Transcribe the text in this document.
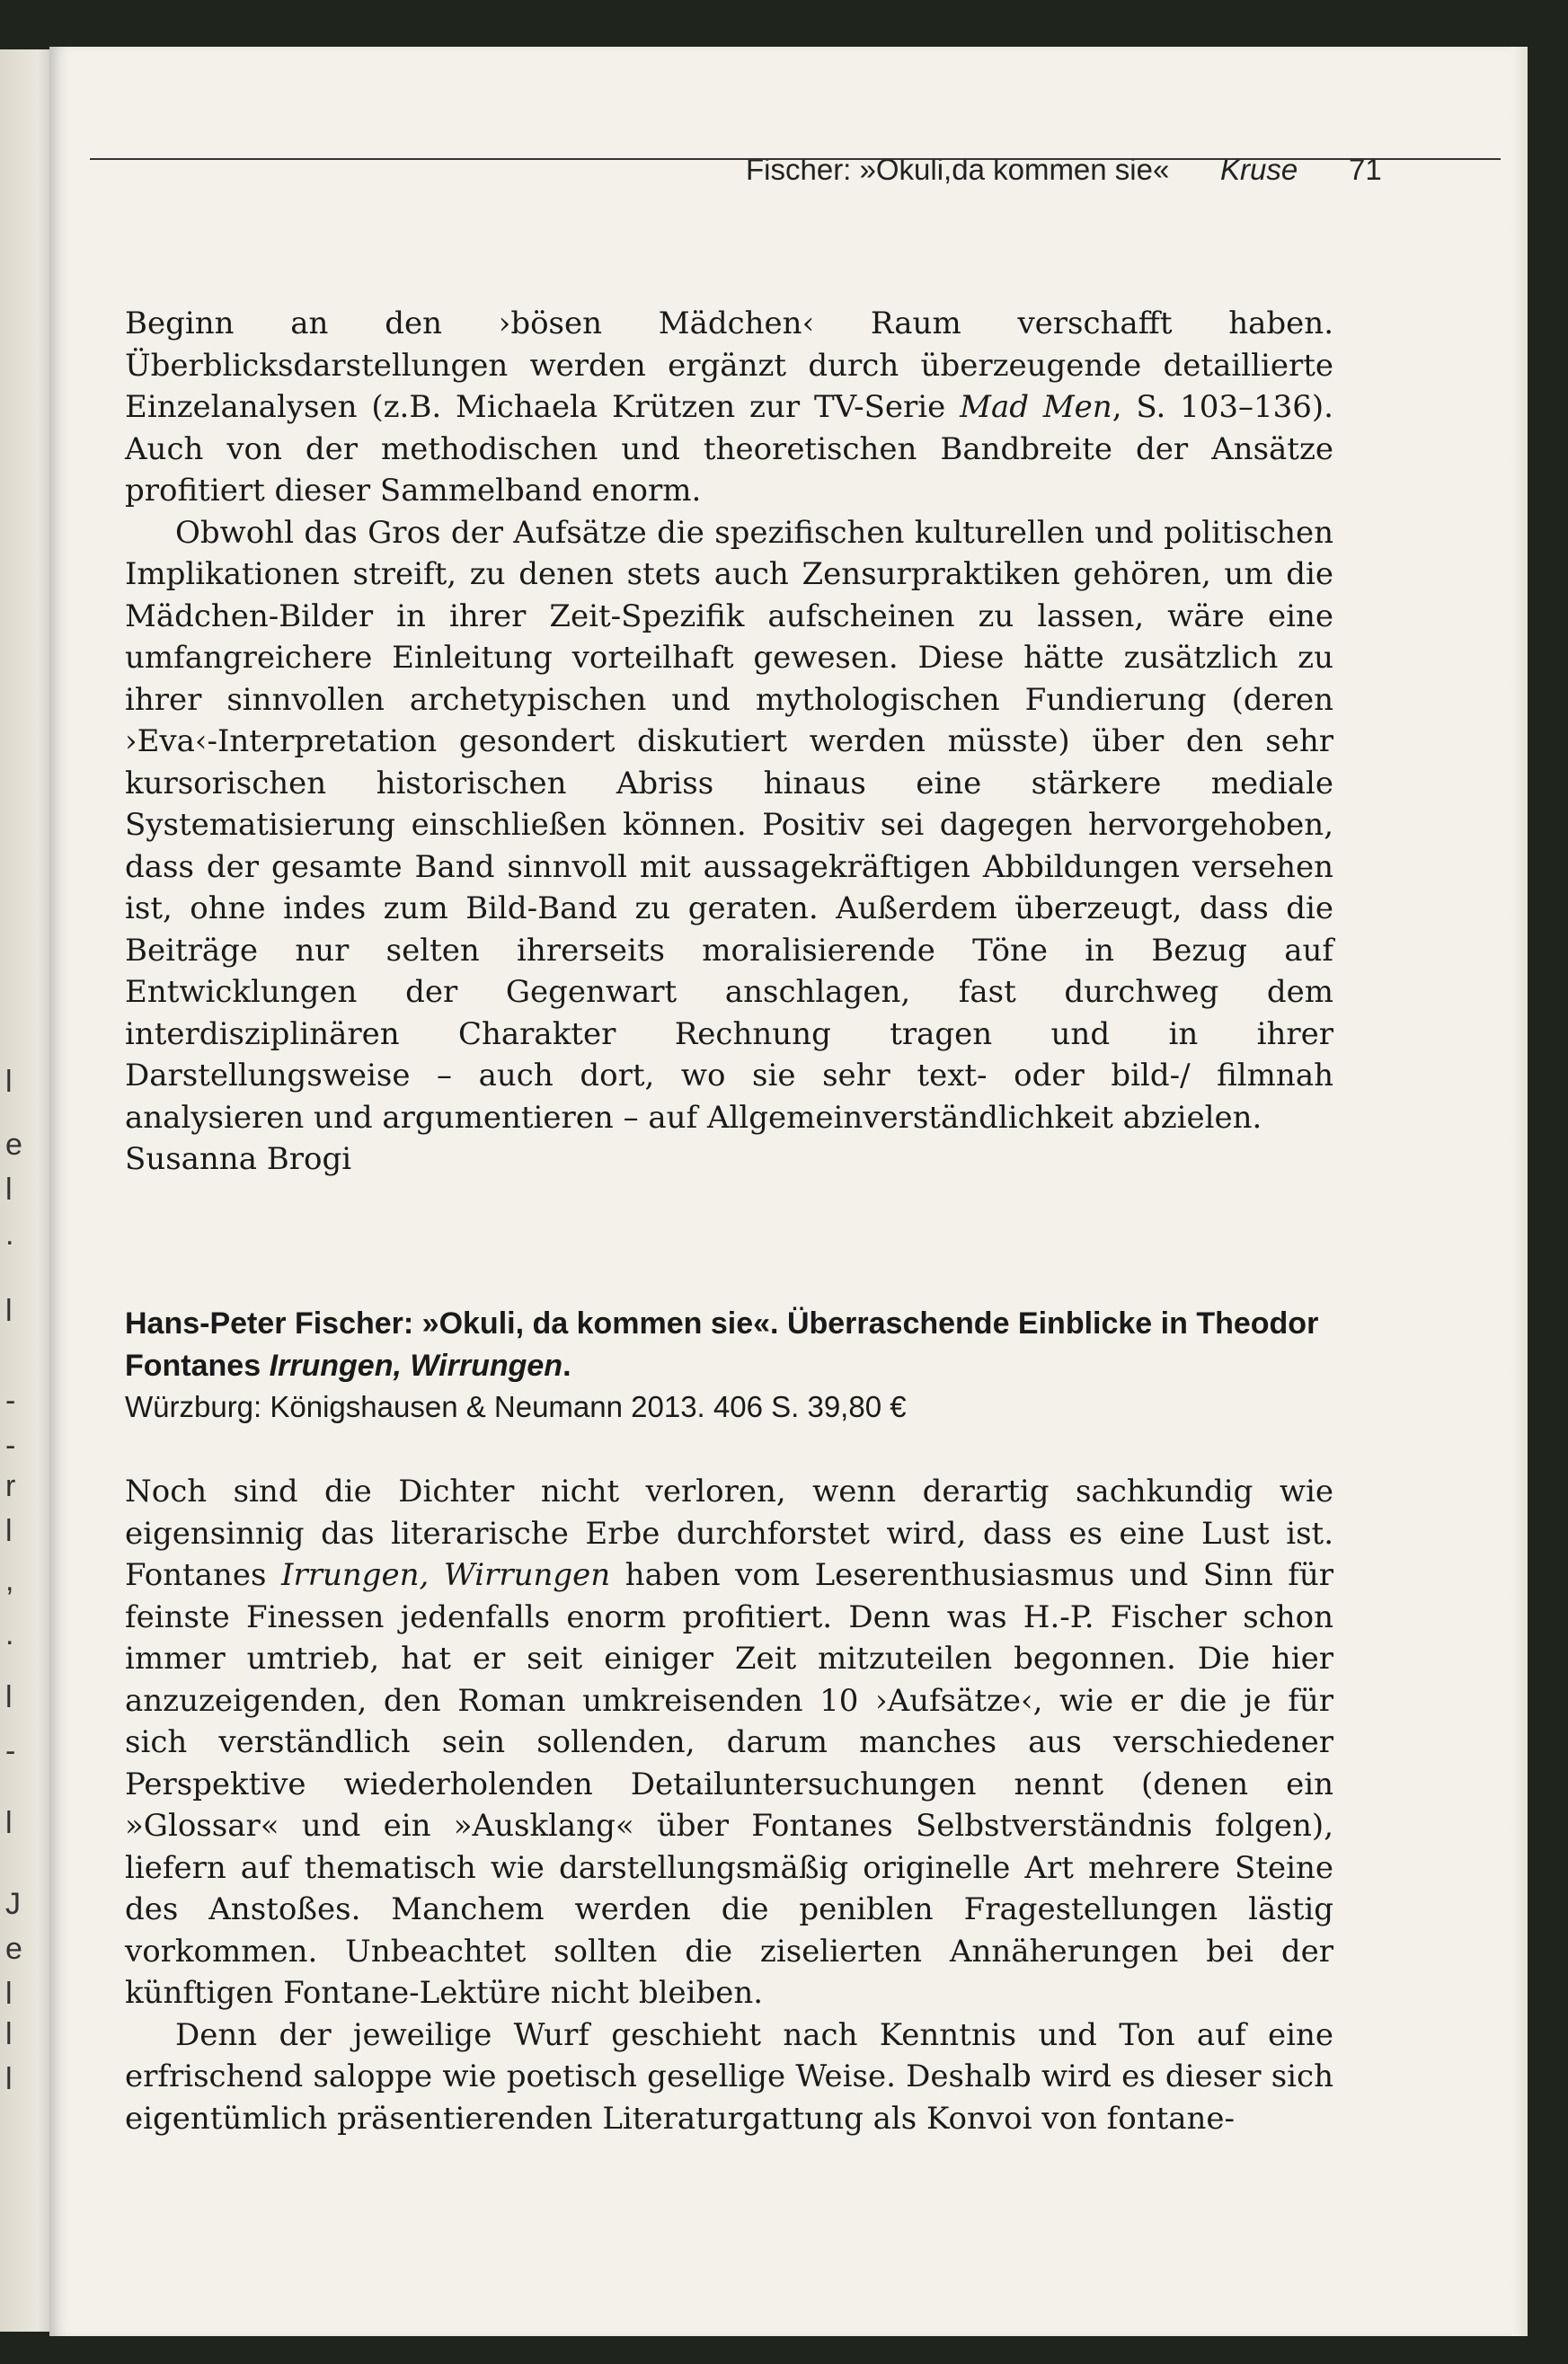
l
e
l
.
l
-
-
r
l
,
.
l
-
l
J
e
l
l
l
Fischer: »Okuli,da kommen sie« Kruse 71

Beginn an den ›bösen Mädchen‹ Raum verschafft haben. Überblicksdarstellungen werden ergänzt durch überzeugende detaillierte Einzelanalysen (z.B. Michaela Krützen zur TV-Serie Mad Men, S. 103–136). Auch von der methodischen und theoretischen Bandbreite der Ansätze profitiert dieser Sammelband enorm.

Obwohl das Gros der Aufsätze die spezifischen kulturellen und politischen Implikationen streift, zu denen stets auch Zensurpraktiken gehören, um die Mädchen-Bilder in ihrer Zeit-Spezifik aufscheinen zu lassen, wäre eine umfangreichere Einleitung vorteilhaft gewesen. Diese hätte zusätzlich zu ihrer sinnvollen archetypischen und mythologischen Fundierung (deren ›Eva‹-Interpretation gesondert diskutiert werden müsste) über den sehr kursorischen historischen Abriss hinaus eine stärkere mediale Systematisierung einschließen können. Positiv sei dagegen hervorgehoben, dass der gesamte Band sinnvoll mit aussagekräftigen Abbildungen versehen ist, ohne indes zum Bild-Band zu geraten. Außerdem überzeugt, dass die Beiträge nur selten ihrerseits moralisierende Töne in Bezug auf Entwicklungen der Gegenwart anschlagen, fast durchweg dem interdisziplinären Charakter Rechnung tragen und in ihrer Darstellungsweise – auch dort, wo sie sehr text- oder bild-/ filmnah analysieren und argumentieren – auf Allgemeinverständlichkeit abzielen.

Susanna Brogi

Hans-Peter Fischer: »Okuli, da kommen sie«. Überraschende Einblicke in Theodor Fontanes Irrungen, Wirrungen.
Würzburg: Königshausen & Neumann 2013. 406 S. 39,80 €

Noch sind die Dichter nicht verloren, wenn derartig sachkundig wie eigensinnig das literarische Erbe durchforstet wird, dass es eine Lust ist. Fontanes Irrungen, Wirrungen haben vom Leserenthusiasmus und Sinn für feinste Finessen jedenfalls enorm profitiert. Denn was H.-P. Fischer schon immer umtrieb, hat er seit einiger Zeit mitzuteilen begonnen. Die hier anzuzeigenden, den Roman umkreisenden 10 ›Aufsätze‹, wie er die je für sich verständlich sein sollenden, darum manches aus verschiedener Perspektive wiederholenden Detailuntersuchungen nennt (denen ein »Glossar« und ein »Ausklang« über Fontanes Selbstverständnis folgen), liefern auf thematisch wie darstellungsmäßig originelle Art mehrere Steine des Anstoßes. Manchem werden die peniblen Fragestellungen lästig vorkommen. Unbeachtet sollten die ziselierten Annäherungen bei der künftigen Fontane-Lektüre nicht bleiben.

Denn der jeweilige Wurf geschieht nach Kenntnis und Ton auf eine erfrischend saloppe wie poetisch gesellige Weise. Deshalb wird es dieser sich eigentümlich präsentierenden Literaturgattung als Konvoi von fontane-
